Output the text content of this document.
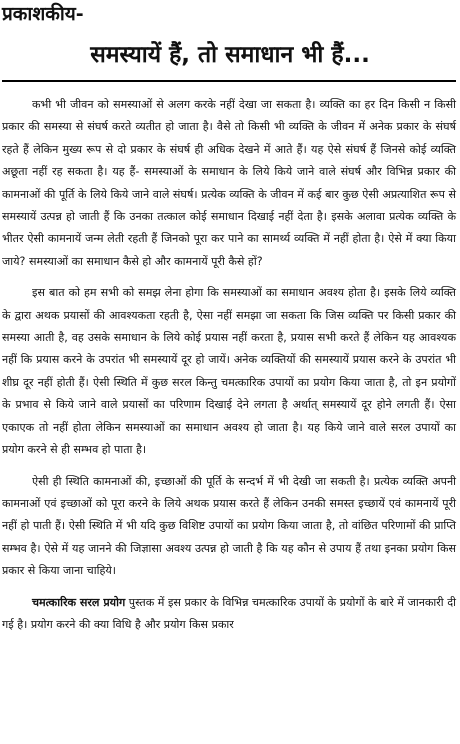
प्रकाशकीय-
समस्यायें हैं, तो समाधान भी हैं...

कभी भी जीवन को समस्याओं से अलग करके नहीं देखा जा सकता है। व्यक्ति का हर दिन किसी न किसी प्रकार की समस्या से संघर्ष करते व्यतीत हो जाता है। वैसे तो किसी भी व्यक्ति के जीवन में अनेक प्रकार के संघर्ष रहते हैं लेकिन मुख्य रूप से दो प्रकार के संघर्ष ही अधिक देखने में आते हैं। यह ऐसे संघर्ष हैं जिनसे कोई व्यक्ति अछूता नहीं रह सकता है। यह हैं- समस्याओं के समाधान के लिये किये जाने वाले संघर्ष और विभिन्न प्रकार की कामनाओं की पूर्ति के लिये किये जाने वाले संघर्ष। प्रत्येक व्यक्ति के जीवन में कई बार कुछ ऐसी अप्रत्याशित रूप से समस्यायें उत्पन्न हो जाती हैं कि उनका तत्काल कोई समाधान दिखाई नहीं देता है। इसके अलावा प्रत्येक व्यक्ति के भीतर ऐसी कामनायें जन्म लेती रहती हैं जिनको पूरा कर पाने का सामर्थ्य व्यक्ति में नहीं होता है। ऐसे में क्या किया जाये? समस्याओं का समाधान कैसे हो और कामनायें पूरी कैसे हों?

इस बात को हम सभी को समझ लेना होगा कि समस्याओं का समाधान अवश्य होता है। इसके लिये व्यक्ति के द्वारा अथक प्रयासों की आवश्यकता रहती है, ऐसा नहीं समझा जा सकता कि जिस व्यक्ति पर किसी प्रकार की समस्या आती है, वह उसके समाधान के लिये कोई प्रयास नहीं करता है, प्रयास सभी करते हैं लेकिन यह आवश्यक नहीं कि प्रयास करने के उपरांत भी समस्यायें दूर हो जायें। अनेक व्यक्तियों की समस्यायें प्रयास करने के उपरांत भी शीघ्र दूर नहीं होती हैं। ऐसी स्थिति में कुछ सरल किन्तु चमत्कारिक उपायों का प्रयोग किया जाता है, तो इन प्रयोगों के प्रभाव से किये जाने वाले प्रयासों का परिणाम दिखाई देने लगता है अर्थात् समस्यायें दूर होने लगती हैं। ऐसा एकाएक तो नहीं होता लेकिन समस्याओं का समाधान अवश्य हो जाता है। यह किये जाने वाले सरल उपायों का प्रयोग करने से ही सम्भव हो पाता है।

ऐसी ही स्थिति कामनाओं की, इच्छाओं की पूर्ति के सन्दर्भ में भी देखी जा सकती है। प्रत्येक व्यक्ति अपनी कामनाओं एवं इच्छाओं को पूरा करने के लिये अथक प्रयास करते हैं लेकिन उनकी समस्त इच्छायें एवं कामनायें पूरी नहीं हो पाती हैं। ऐसी स्थिति में भी यदि कुछ विशिष्ट उपायों का प्रयोग किया जाता है, तो वांछित परिणामों की प्राप्ति सम्भव है। ऐसे में यह जानने की जिज्ञासा अवश्य उत्पन्न हो जाती है कि यह कौन से उपाय हैं तथा इनका प्रयोग किस प्रकार से किया जाना चाहिये।

चमत्कारिक सरल प्रयोग पुस्तक में इस प्रकार के विभिन्न चमत्कारिक उपायों के प्रयोगों के बारे में जानकारी दी गई है। प्रयोग करने की क्या विधि है और प्रयोग किस प्रकार
